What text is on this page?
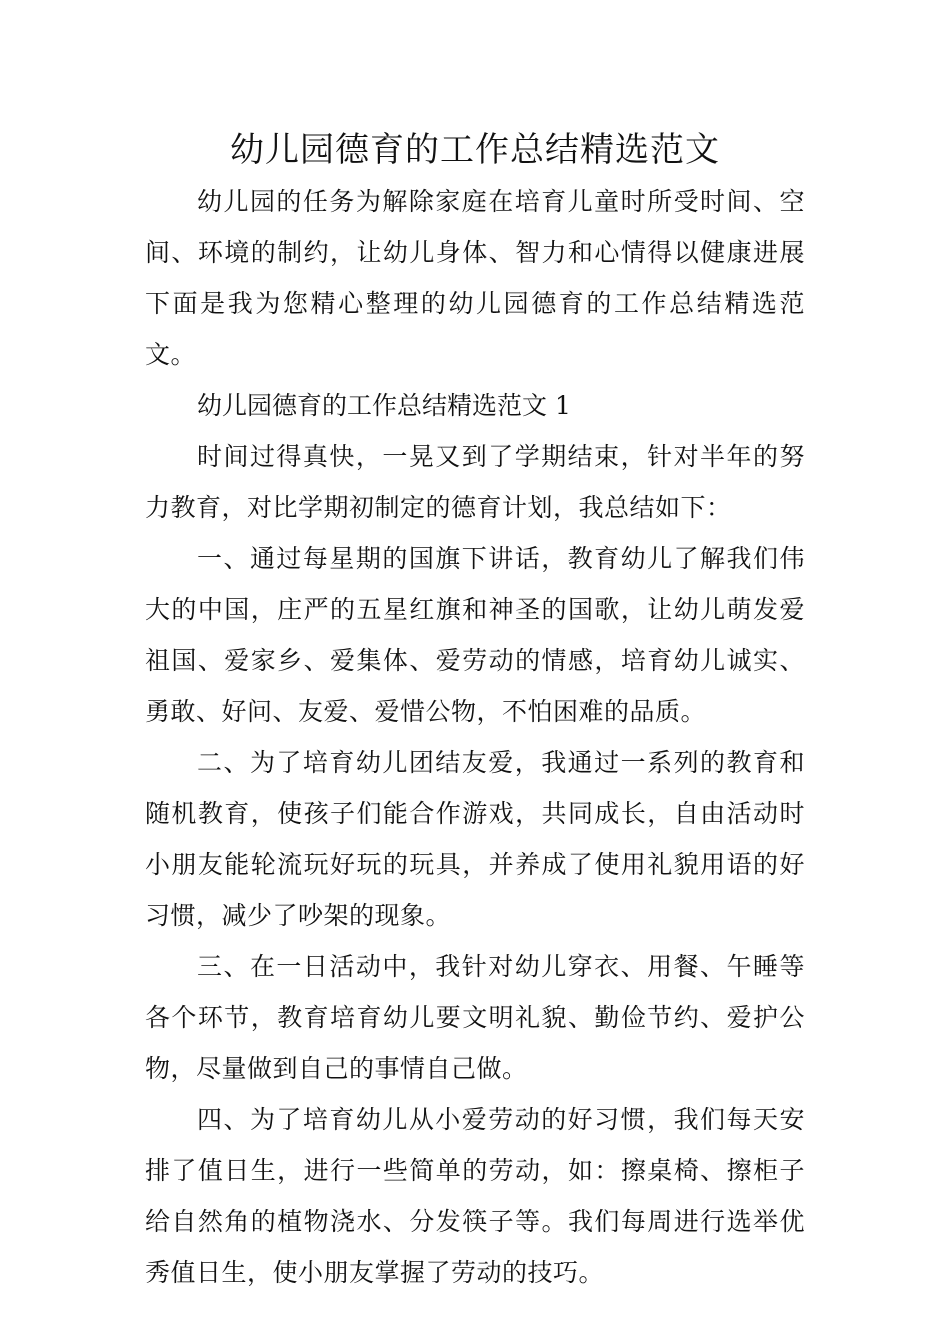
幼儿园德育的工作总结精选范文

幼儿园的任务为解除家庭在培育儿童时所受时间、空间、环境的制约，让幼儿身体、智力和心情得以健康进展下面是我为您精心整理的幼儿园德育的工作总结精选范文。

幼儿园德育的工作总结精选范文 1

时间过得真快，一晃又到了学期结束，针对半年的努力教育，对比学期初制定的德育计划，我总结如下：

一、通过每星期的国旗下讲话，教育幼儿了解我们伟大的中国，庄严的五星红旗和神圣的国歌，让幼儿萌发爱祖国、爱家乡、爱集体、爱劳动的情感，培育幼儿诚实、勇敢、好问、友爱、爱惜公物，不怕困难的品质。

二、为了培育幼儿团结友爱，我通过一系列的教育和随机教育，使孩子们能合作游戏，共同成长，自由活动时小朋友能轮流玩好玩的玩具，并养成了使用礼貌用语的好习惯，减少了吵架的现象。

三、在一日活动中，我针对幼儿穿衣、用餐、午睡等各个环节，教育培育幼儿要文明礼貌、勤俭节约、爱护公物，尽量做到自己的事情自己做。

四、为了培育幼儿从小爱劳动的好习惯，我们每天安排了值日生，进行一些简单的劳动，如：擦桌椅、擦柜子给自然角的植物浇水、分发筷子等。我们每周进行选举优秀值日生，使小朋友掌握了劳动的技巧。
